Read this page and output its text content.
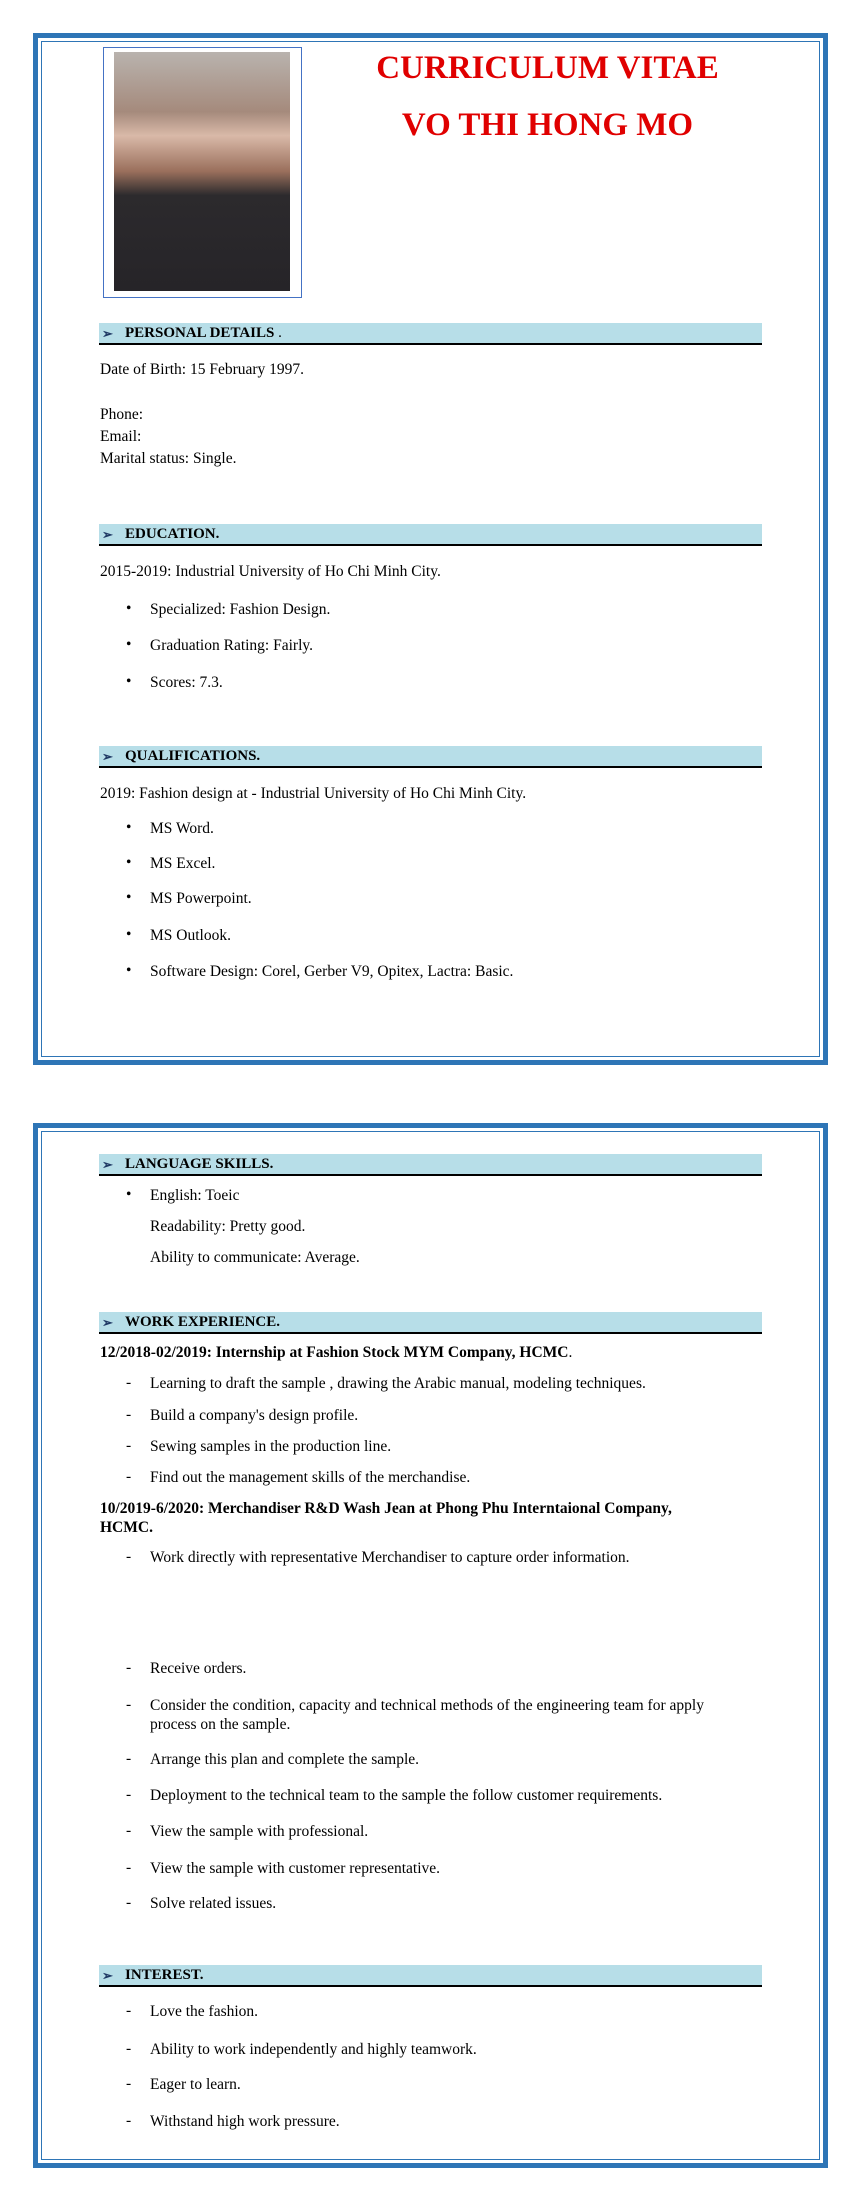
CURRICULUM VITAE
VO THI HONG MO
➢ PERSONAL DETAILS .
Date of Birth: 15 February 1997.
Phone:
Email:
Marital status: Single.
➢ EDUCATION.
2015-2019: Industrial University of Ho Chi Minh City.
• Specialized: Fashion Design.
• Graduation Rating: Fairly.
• Scores: 7.3.
➢ QUALIFICATIONS.
2019: Fashion design at - Industrial University of Ho Chi Minh City.
• MS Word.
• MS Excel.
• MS Powerpoint.
• MS Outlook.
• Software Design: Corel, Gerber V9, Opitex, Lactra: Basic.
➢ LANGUAGE SKILLS.
• English: Toeic
Readability: Pretty good.
Ability to communicate: Average.
➢ WORK EXPERIENCE.
12/2018-02/2019: Internship at Fashion Stock MYM Company, HCMC.
- Learning to draft the sample , drawing the Arabic manual, modeling techniques.
- Build a company's design profile.
- Sewing samples in the production line.
- Find out the management skills of the merchandise.
10/2019-6/2020: Merchandiser R&D Wash Jean at Phong Phu Interntaional Company,
HCMC.
- Work directly with representative Merchandiser to capture order information.
- Receive orders.
- Consider the condition, capacity and technical methods of the engineering team for apply
- Arrange this plan and complete the sample.
- Deployment to the technical team to the sample the follow customer requirements.
- View the sample with professional.
- View the sample with customer representative.
- Solve related issues.
process on the sample.
➢ INTEREST.
- Love the fashion.
- Ability to work independently and highly teamwork.
- Eager to learn.
- Withstand high work pressure.
